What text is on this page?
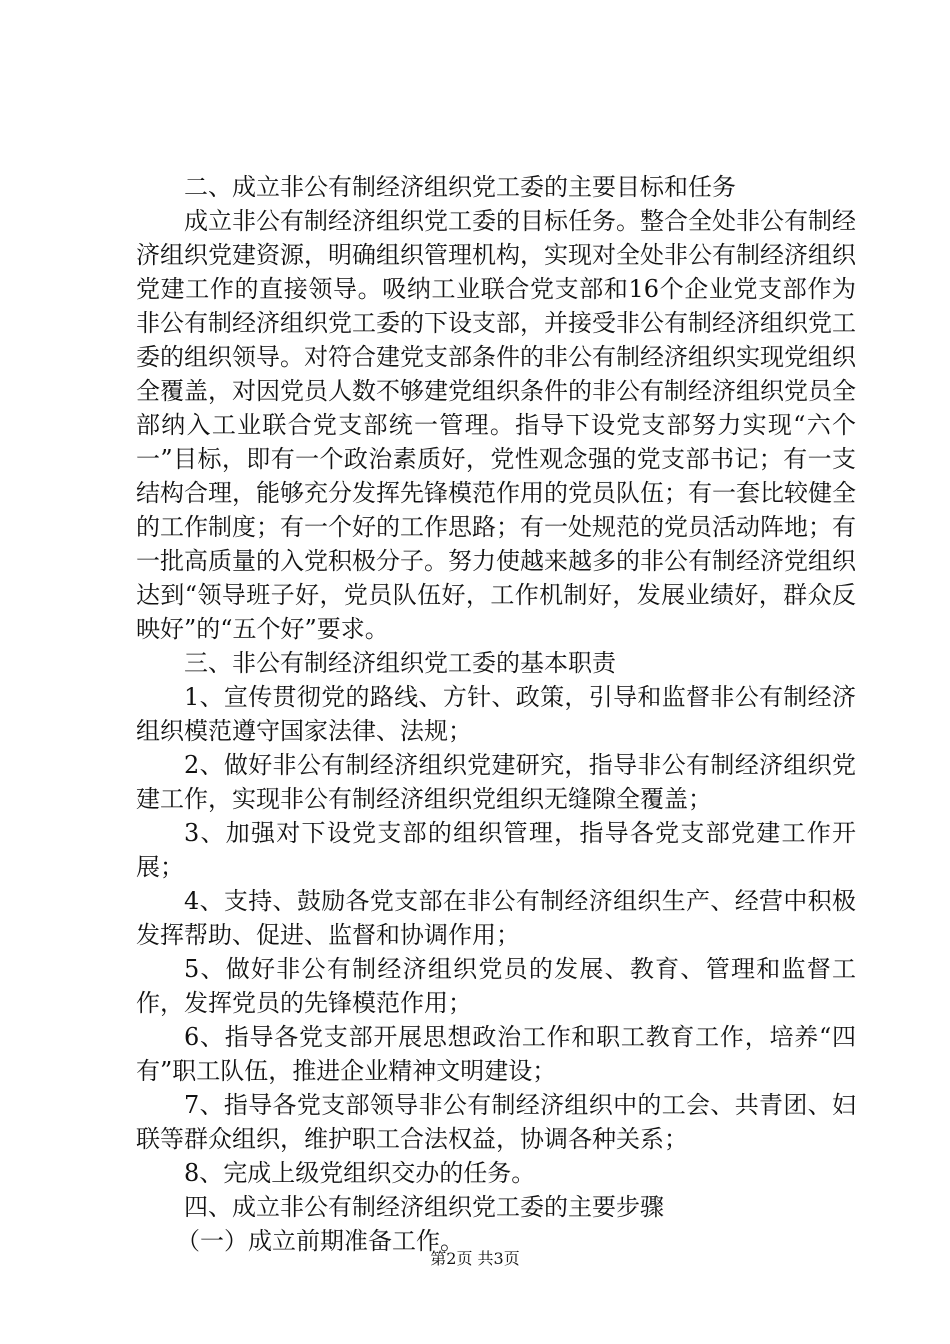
二、成立非公有制经济组织党工委的主要目标和任务

成立非公有制经济组织党工委的目标任务。整合全处非公有制经济组织党建资源，明确组织管理机构，实现对全处非公有制经济组织党建工作的直接领导。吸纳工业联合党支部和16个企业党支部作为非公有制经济组织党工委的下设支部，并接受非公有制经济组织党工委的组织领导。对符合建党支部条件的非公有制经济组织实现党组织全覆盖，对因党员人数不够建党组织条件的非公有制经济组织党员全部纳入工业联合党支部统一管理。指导下设党支部努力实现“六个一”目标，即有一个政治素质好，党性观念强的党支部书记；有一支结构合理，能够充分发挥先锋模范作用的党员队伍；有一套比较健全的工作制度；有一个好的工作思路；有一处规范的党员活动阵地；有一批高质量的入党积极分子。努力使越来越多的非公有制经济党组织达到“领导班子好，党员队伍好，工作机制好，发展业绩好，群众反映好”的“五个好”要求。

三、非公有制经济组织党工委的基本职责

1、宣传贯彻党的路线、方针、政策，引导和监督非公有制经济组织模范遵守国家法律、法规；

2、做好非公有制经济组织党建研究，指导非公有制经济组织党建工作，实现非公有制经济组织党组织无缝隙全覆盖；

3、加强对下设党支部的组织管理，指导各党支部党建工作开展；

4、支持、鼓励各党支部在非公有制经济组织生产、经营中积极发挥帮助、促进、监督和协调作用；

5、做好非公有制经济组织党员的发展、教育、管理和监督工作，发挥党员的先锋模范作用；

6、指导各党支部开展思想政治工作和职工教育工作，培养“四有”职工队伍，推进企业精神文明建设；

7、指导各党支部领导非公有制经济组织中的工会、共青团、妇联等群众组织，维护职工合法权益，协调各种关系；

8、完成上级党组织交办的任务。

四、成立非公有制经济组织党工委的主要步骤

（一）成立前期准备工作。

第2页 共3页
